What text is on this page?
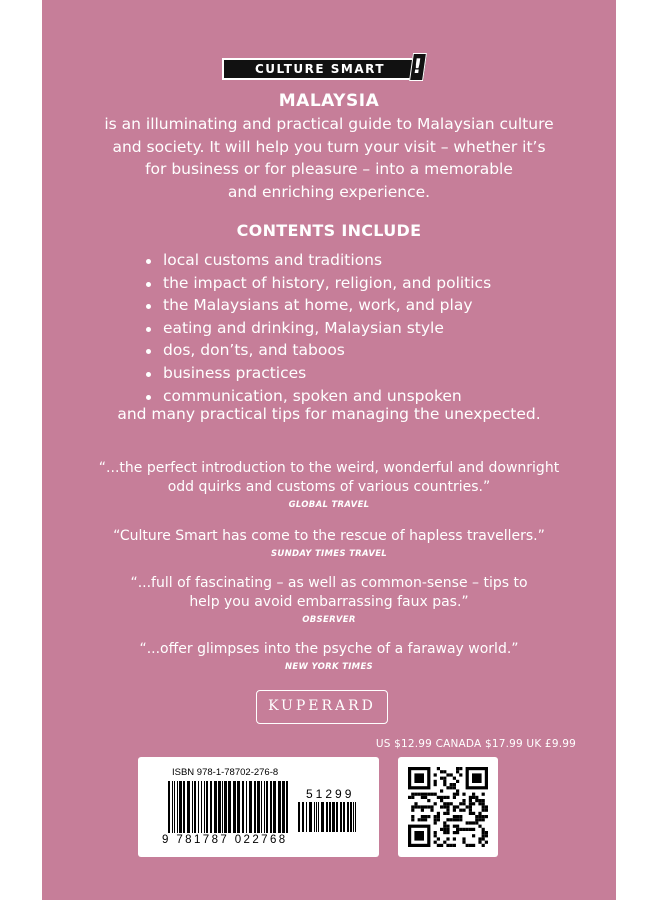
CULTURE SMART !
MALAYSIA
is an illuminating and practical guide to Malaysian culture
and society. It will help you turn your visit – whether it’s
for business or for pleasure – into a memorable
and enriching experience.
CONTENTS INCLUDE
local customs and traditions
the impact of history, religion, and politics
the Malaysians at home, work, and play
eating and drinking, Malaysian style
dos, don’ts, and taboos
business practices
communication, spoken and unspoken
and many practical tips for managing the unexpected.
“...the perfect introduction to the weird, wonderful and downright
odd quirks and customs of various countries.”
GLOBAL TRAVEL
“Culture Smart has come to the rescue of hapless travellers.”
SUNDAY TIMES TRAVEL
“...full of fascinating – as well as common-sense – tips to
help you avoid embarrassing faux pas.”
OBSERVER
“...offer glimpses into the psyche of a faraway world.”
NEW YORK TIMES
KUPERARD
US $12.99 CANADA $17.99 UK £9.99
ISBN 978-1-78702-276-8
51299
9 781787 022768
